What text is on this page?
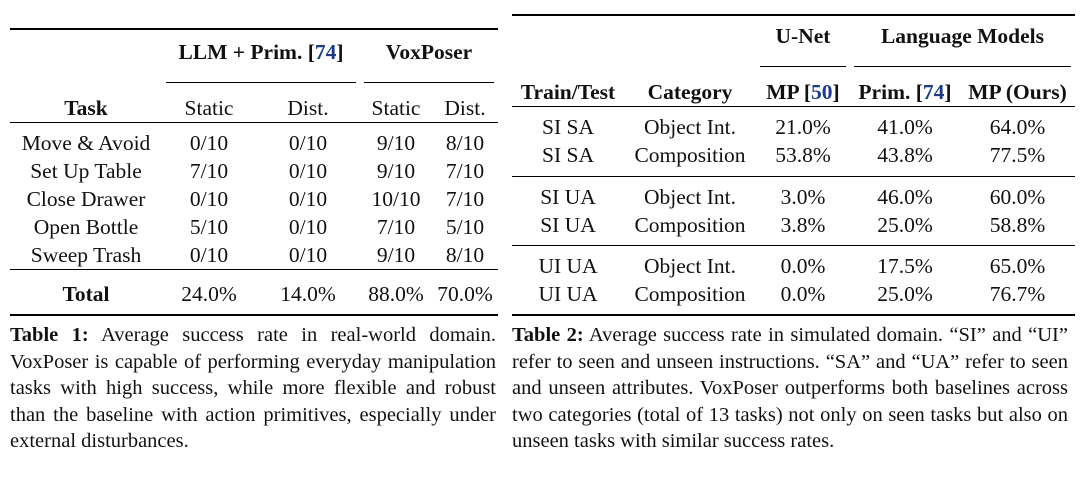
	LLM + Prim. [74]		VoxPoser	

Task	Static	Dist.	Static	Dist.

Move & Avoid	0/10	0/10	9/10	8/10
Set Up Table	7/10	0/10	9/10	7/10
Close Drawer	0/10	0/10	10/10	7/10
Open Bottle	5/10	0/10	7/10	5/10
Sweep Trash	0/10	0/10	9/10	8/10

Total	24.0%	14.0%	88.0%	70.0%

		U-Net	Language Models	

Train/Test	Category	MP [50]	Prim. [74]	MP (Ours)

SI SA	Object Int.	21.0%	41.0%	64.0%
SI SA	Composition	53.8%	43.8%	77.5%

SI UA	Object Int.	3.0%	46.0%	60.0%
SI UA	Composition	3.8%	25.0%	58.8%

UI UA	Object Int.	0.0%	17.5%	65.0%
UI UA	Composition	0.0%	25.0%	76.7%

Table 1: Average success rate in real-world domain. VoxPoser is capable of performing everyday manipulation tasks with high success, while more flexible and robust than the baseline with action primitives, especially under external disturbances.
Table 2: Average success rate in simulated domain. “SI” and “UI” refer to seen and unseen instructions. “SA” and “UA” refer to seen and unseen attributes. VoxPoser outperforms both baselines across two categories (total of 13 tasks) not only on seen tasks but also on unseen tasks with similar success rates.
